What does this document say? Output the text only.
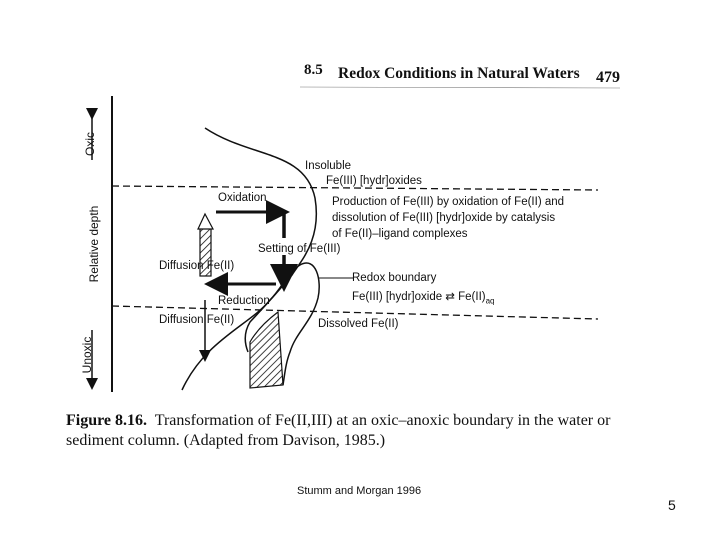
8.5 Redox Conditions in Natural Waters 479
Oxic
Relative depth
Unoxic
Insoluble
Fe(III) [hydr]oxides
Oxidation	Production of Fe(III) by oxidation of Fe(II) and
dissolution of Fe(III) [hydr]oxide by catalysis
of Fe(II)–ligand complexes
Setting of Fe(III)
Diffusion Fe(II)
Redox boundary
Fe(III) [hydr]oxide ⇄ $Fe(II)_{aq}$
Reduction
Diffusion Fe(II)	Dissolved Fe(II)
Figure 8.16. Transformation of Fe(II,III) at an oxic–anoxic boundary in the water or
sediment column. (Adapted from Davison, 1985.)
Stumm and Morgan 1996
5
